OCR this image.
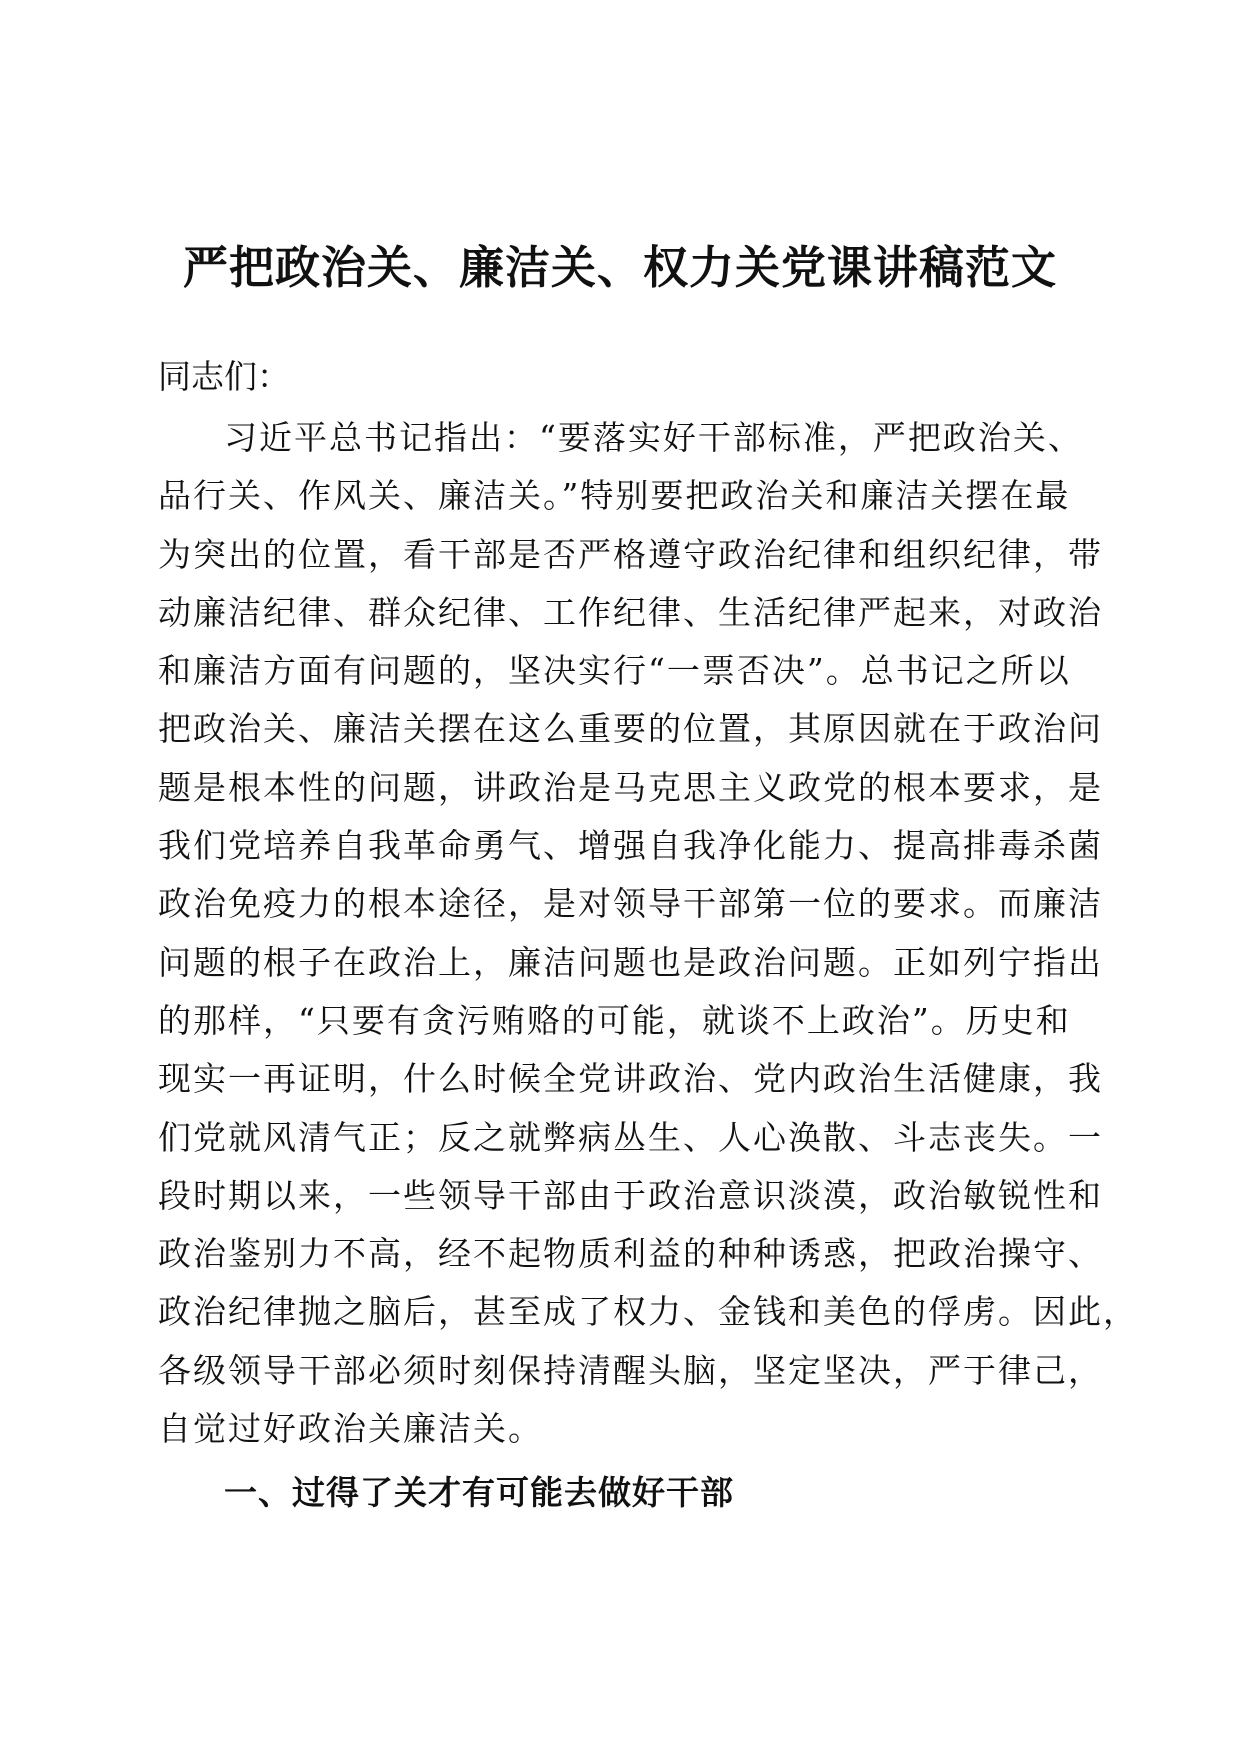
严把政治关、廉洁关、权力关党课讲稿范文
同志们：
习近平总书记指出：“要落实好干部标准，严把政治关、
品行关、作风关、廉洁关。”特别要把政治关和廉洁关摆在最
为突出的位置，看干部是否严格遵守政治纪律和组织纪律，带
动廉洁纪律、群众纪律、工作纪律、生活纪律严起来，对政治
和廉洁方面有问题的，坚决实行“一票否决”。总书记之所以
把政治关、廉洁关摆在这么重要的位置，其原因就在于政治问
题是根本性的问题，讲政治是马克思主义政党的根本要求，是
我们党培养自我革命勇气、增强自我净化能力、提高排毒杀菌
政治免疫力的根本途径，是对领导干部第一位的要求。而廉洁
问题的根子在政治上，廉洁问题也是政治问题。正如列宁指出
的那样，“只要有贪污贿赂的可能，就谈不上政治”。历史和
现实一再证明，什么时候全党讲政治、党内政治生活健康，我
们党就风清气正；反之就弊病丛生、人心涣散、斗志丧失。一
段时期以来，一些领导干部由于政治意识淡漠，政治敏锐性和
政治鉴别力不高，经不起物质利益的种种诱惑，把政治操守、
政治纪律抛之脑后，甚至成了权力、金钱和美色的俘虏。因此，
各级领导干部必须时刻保持清醒头脑，坚定坚决，严于律己，
自觉过好政治关廉洁关。
一、过得了关才有可能去做好干部
